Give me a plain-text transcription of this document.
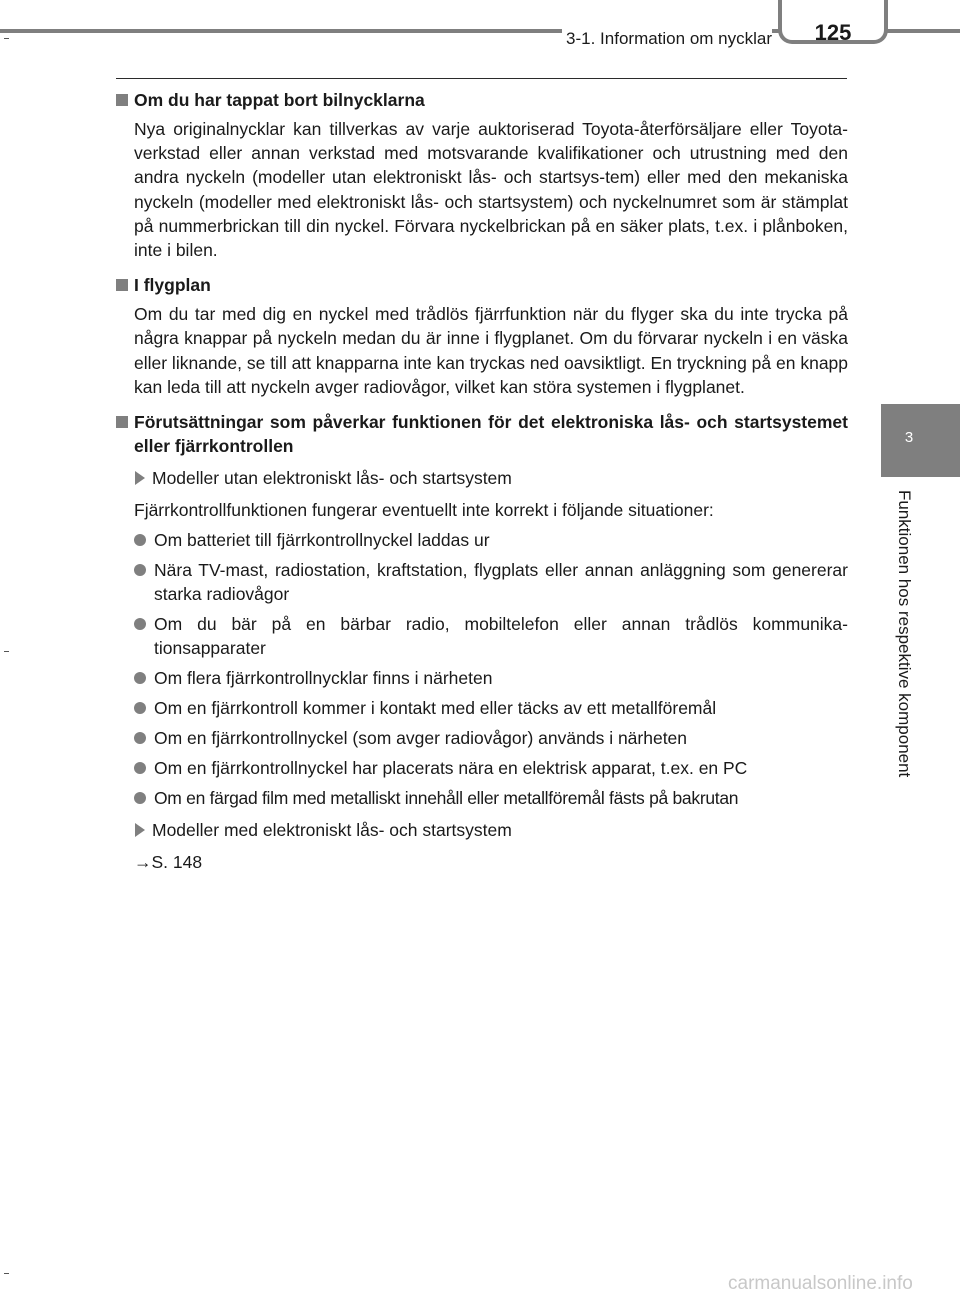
3-1. Information om nycklar	125
3
Funktionen hos respektive komponent
Om du har tappat bort bilnycklarna

Nya originalnycklar kan tillverkas av varje auktoriserad Toyota-återförsäljare eller Toyota-verkstad eller annan verkstad med motsvarande kvalifikationer och utrustning med den andra nyckeln (modeller utan elektroniskt lås- och startsys-tem) eller med den mekaniska nyckeln (modeller med elektroniskt lås- och startsystem) och nyckelnumret som är stämplat på nummerbrickan till din nyckel. Förvara nyckelbrickan på en säker plats, t.ex. i plånboken, inte i bilen.

I flygplan

Om du tar med dig en nyckel med trådlös fjärrfunktion när du flyger ska du inte trycka på några knappar på nyckeln medan du är inne i flygplanet. Om du förvarar nyckeln i en väska eller liknande, se till att knapparna inte kan tryckas ned oavsiktligt. En tryckning på en knapp kan leda till att nyckeln avger radiovågor, vilket kan störa systemen i flygplanet.

Förutsättningar som påverkar funktionen för det elektroniska lås- och startsystemet eller fjärrkontrollen
Modeller utan elektroniskt lås- och startsystem

Fjärrkontrollfunktionen fungerar eventuellt inte korrekt i följande situationer:

Om batteriet till fjärrkontrollnyckel laddas ur
Nära TV-mast, radiostation, kraftstation, flygplats eller annan anläggning som genererar starka radiovågor
Om du bär på en bärbar radio, mobiltelefon eller annan trådlös kommunika-tionsapparater
Om flera fjärrkontrollnycklar finns i närheten
Om en fjärrkontroll kommer i kontakt med eller täcks av ett metallföremål
Om en fjärrkontrollnyckel (som avger radiovågor) används i närheten
Om en fjärrkontrollnyckel har placerats nära en elektrisk apparat, t.ex. en PC
Om en färgad film med metalliskt innehåll eller metallföremål fästs på bakrutan
Modeller med elektroniskt lås- och startsystem
→S. 148
carmanualsonline.info
